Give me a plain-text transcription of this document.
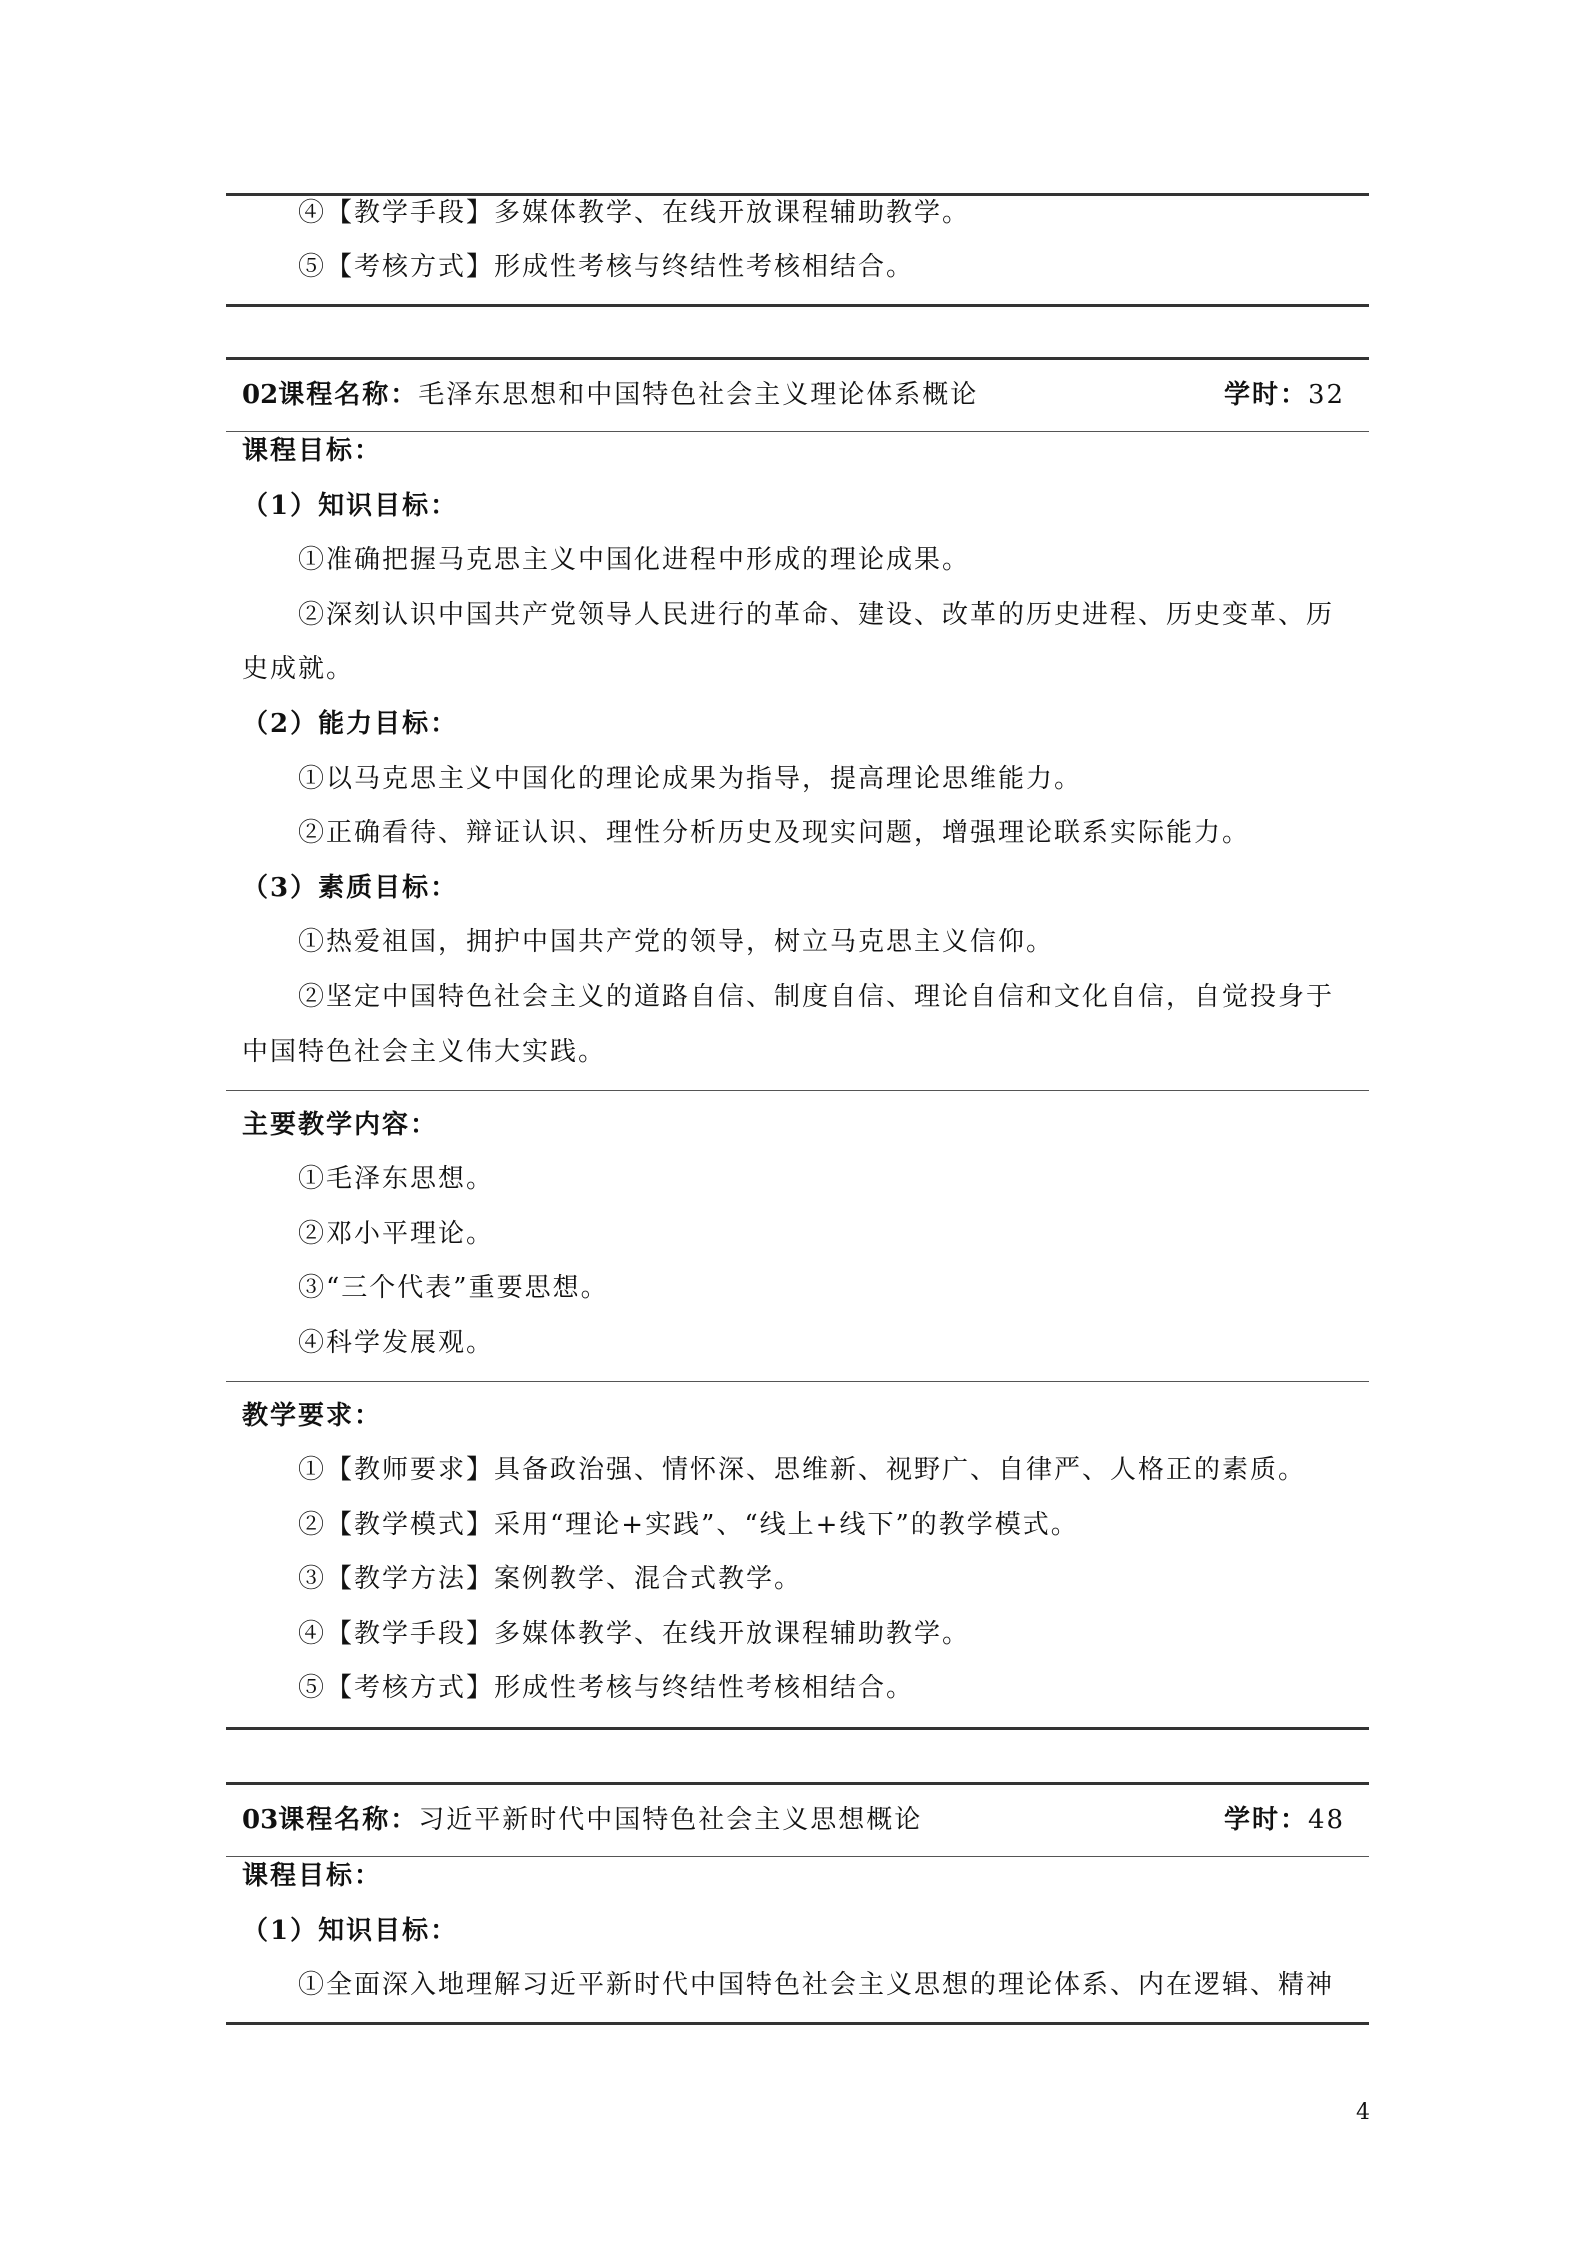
④【教学手段】多媒体教学、在线开放课程辅助教学。
⑤【考核方式】形成性考核与终结性考核相结合。
02课程名称：毛泽东思想和中国特色社会主义理论体系概论	学时：32
课程目标：
（1）知识目标：
①准确把握马克思主义中国化进程中形成的理论成果。
②深刻认识中国共产党领导人民进行的革命、建设、改革的历史进程、历史变革、历
史成就。
（2）能力目标：
①以马克思主义中国化的理论成果为指导，提高理论思维能力。
②正确看待、辩证认识、理性分析历史及现实问题，增强理论联系实际能力。
（3）素质目标：
①热爱祖国，拥护中国共产党的领导，树立马克思主义信仰。
②坚定中国特色社会主义的道路自信、制度自信、理论自信和文化自信，自觉投身于
中国特色社会主义伟大实践。
主要教学内容：
①毛泽东思想。
②邓小平理论。
③“三个代表”重要思想。
④科学发展观。
教学要求：
①【教师要求】具备政治强、情怀深、思维新、视野广、自律严、人格正的素质。
②【教学模式】采用“理论+实践”、“线上+线下”的教学模式。
③【教学方法】案例教学、混合式教学。
④【教学手段】多媒体教学、在线开放课程辅助教学。
⑤【考核方式】形成性考核与终结性考核相结合。
03课程名称：习近平新时代中国特色社会主义思想概论	学时：48
课程目标：
（1）知识目标：
①全面深入地理解习近平新时代中国特色社会主义思想的理论体系、内在逻辑、精神
4
